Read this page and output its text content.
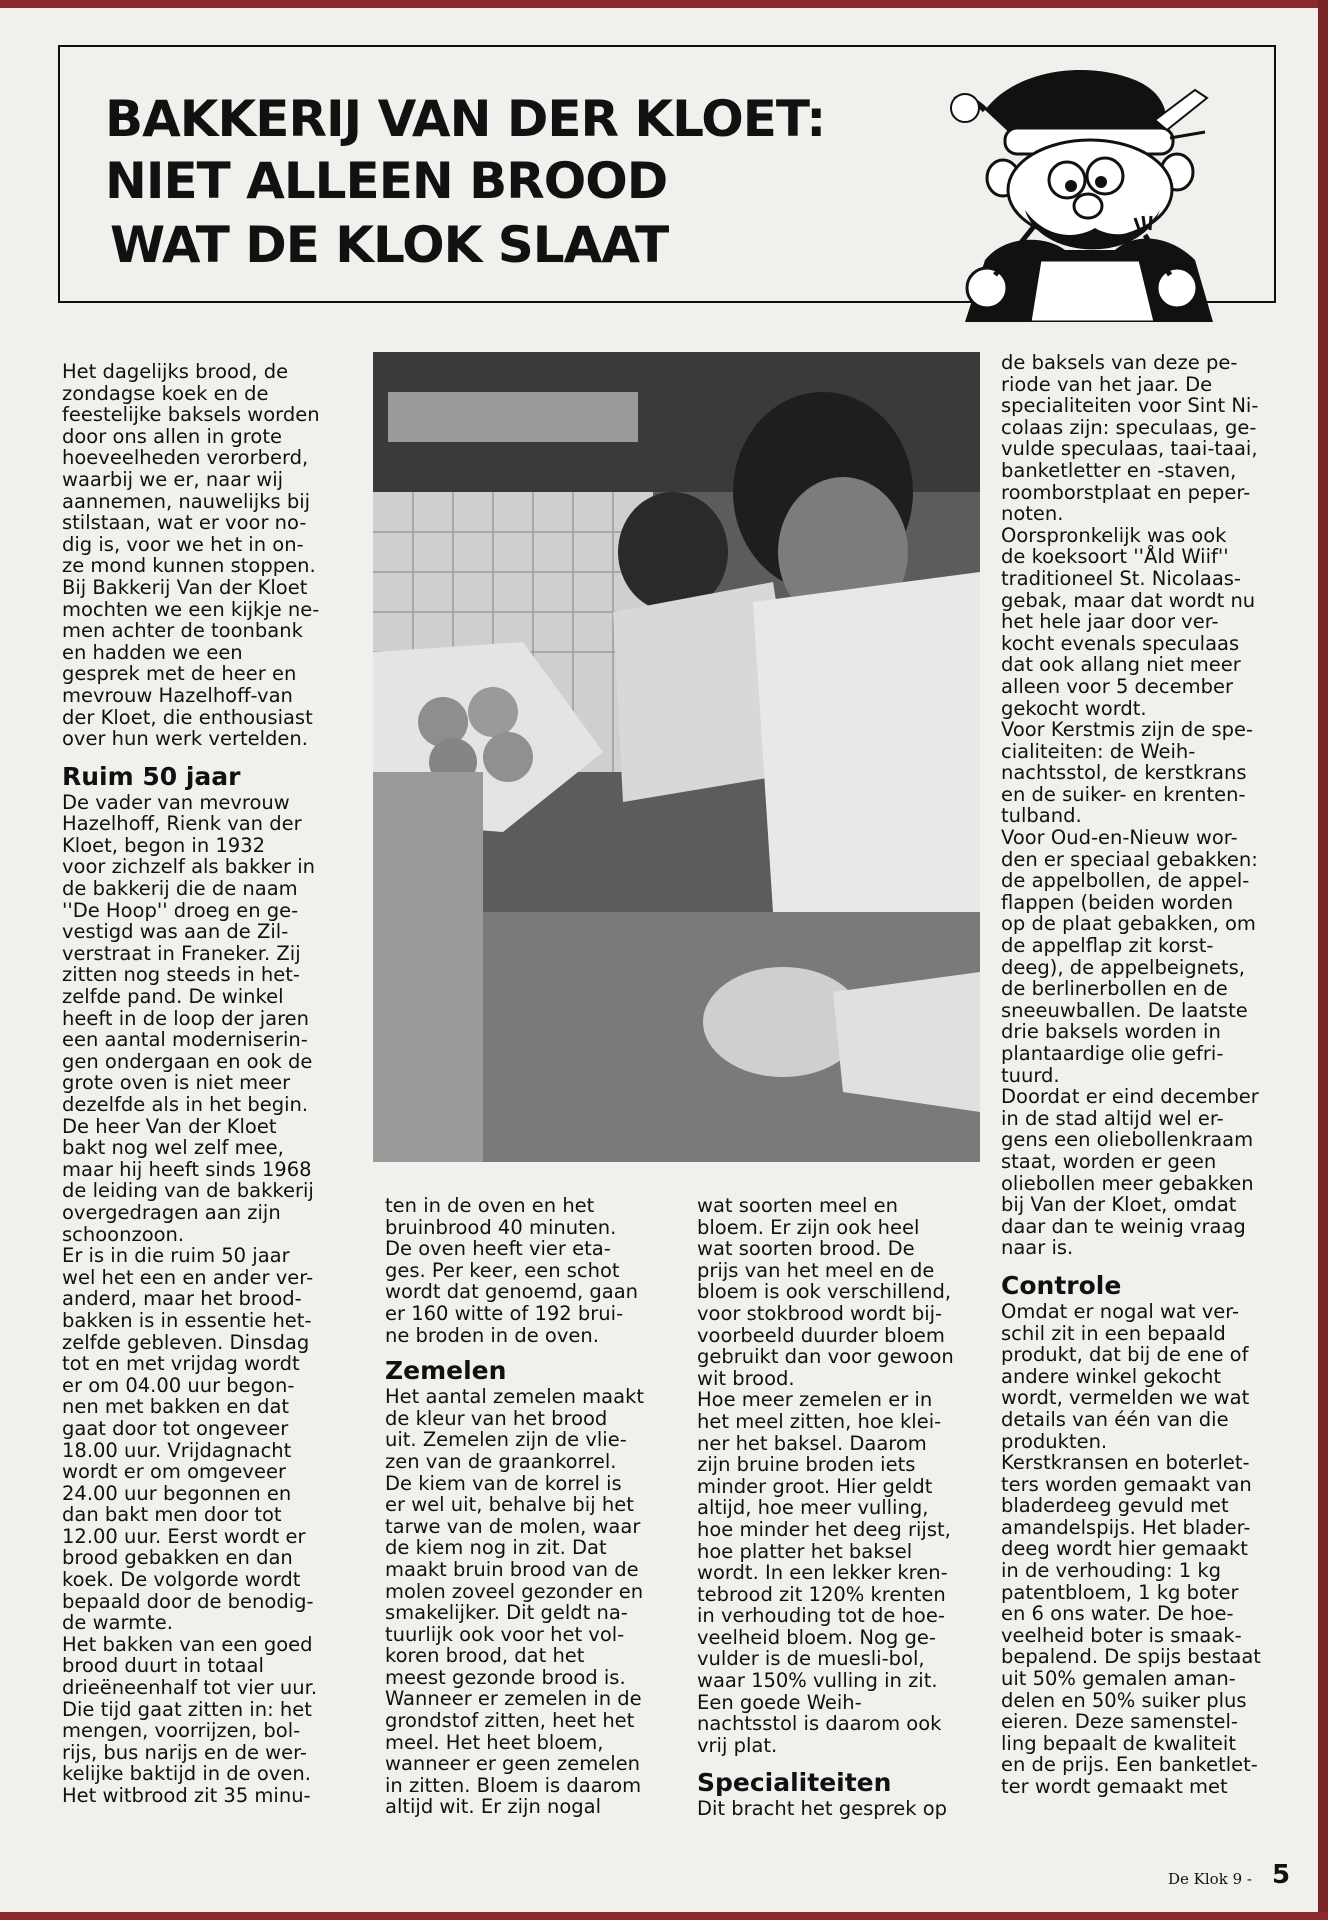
BAKKERIJ VAN DER KLOET:
NIET ALLEEN BROOD
WAT DE KLOK SLAAT

Het dagelijks brood, de
zondagse koek en de
feestelijke baksels worden
door ons allen in grote
hoeveelheden verorberd,
waarbij we er, naar wij
aannemen, nauwelijks bij
stilstaan, wat er voor no-
dig is, voor we het in on-
ze mond kunnen stoppen.
Bij Bakkerij Van der Kloet
mochten we een kijkje ne-
men achter de toonbank
en hadden we een
gesprek met de heer en
mevrouw Hazelhoff-van
der Kloet, die enthousiast
over hun werk vertelden.

Ruim 50 jaar

De vader van mevrouw
Hazelhoff, Rienk van der
Kloet, begon in 1932
voor zichzelf als bakker in
de bakkerij die de naam
''De Hoop'' droeg en ge-
vestigd was aan de Zil-
verstraat in Franeker. Zij
zitten nog steeds in het-
zelfde pand. De winkel
heeft in de loop der jaren
een aantal moderniserin-
gen ondergaan en ook de
grote oven is niet meer
dezelfde als in het begin.
De heer Van der Kloet
bakt nog wel zelf mee,
maar hij heeft sinds 1968
de leiding van de bakkerij
overgedragen aan zijn
schoonzoon.
Er is in die ruim 50 jaar
wel het een en ander ver-
anderd, maar het brood-
bakken is in essentie het-
zelfde gebleven. Dinsdag
tot en met vrijdag wordt
er om 04.00 uur begon-
nen met bakken en dat
gaat door tot ongeveer
18.00 uur. Vrijdagnacht
wordt er om omgeveer
24.00 uur begonnen en
dan bakt men door tot
12.00 uur. Eerst wordt er
brood gebakken en dan
koek. De volgorde wordt
bepaald door de benodig-
de warmte.
Het bakken van een goed
brood duurt in totaal
drieëneenhalf tot vier uur.
Die tijd gaat zitten in: het
mengen, voorrijzen, bol-
rijs, bus narijs en de wer-
kelijke baktijd in de oven.
Het witbrood zit 35 minu-

ten in de oven en het
bruinbrood 40 minuten.
De oven heeft vier eta-
ges. Per keer, een schot
wordt dat genoemd, gaan
er 160 witte of 192 brui-
ne broden in de oven.

Zemelen

Het aantal zemelen maakt
de kleur van het brood
uit. Zemelen zijn de vlie-
zen van de graankorrel.
De kiem van de korrel is
er wel uit, behalve bij het
tarwe van de molen, waar
de kiem nog in zit. Dat
maakt bruin brood van de
molen zoveel gezonder en
smakelijker. Dit geldt na-
tuurlijk ook voor het vol-
koren brood, dat het
meest gezonde brood is.
Wanneer er zemelen in de
grondstof zitten, heet het
meel. Het heet bloem,
wanneer er geen zemelen
in zitten. Bloem is daarom
altijd wit. Er zijn nogal

wat soorten meel en
bloem. Er zijn ook heel
wat soorten brood. De
prijs van het meel en de
bloem is ook verschillend,
voor stokbrood wordt bij-
voorbeeld duurder bloem
gebruikt dan voor gewoon
wit brood.
Hoe meer zemelen er in
het meel zitten, hoe klei-
ner het baksel. Daarom
zijn bruine broden iets
minder groot. Hier geldt
altijd, hoe meer vulling,
hoe minder het deeg rijst,
hoe platter het baksel
wordt. In een lekker kren-
tebrood zit 120% krenten
in verhouding tot de hoe-
veelheid bloem. Nog ge-
vulder is de muesli-bol,
waar 150% vulling in zit.
Een goede Weih-
nachtsstol is daarom ook
vrij plat.

Specialiteiten

Dit bracht het gesprek op

de baksels van deze pe-
riode van het jaar. De
specialiteiten voor Sint Ni-
colaas zijn: speculaas, ge-
vulde speculaas, taai-taai,
banketletter en -staven,
roomborstplaat en peper-
noten.
Oorspronkelijk was ook
de koeksoort ''Åld Wiif''
traditioneel St. Nicolaas-
gebak, maar dat wordt nu
het hele jaar door ver-
kocht evenals speculaas
dat ook allang niet meer
alleen voor 5 december
gekocht wordt.
Voor Kerstmis zijn de spe-
cialiteiten: de Weih-
nachtsstol, de kerstkrans
en de suiker- en krenten-
tulband.
Voor Oud-en-Nieuw wor-
den er speciaal gebakken:
de appelbollen, de appel-
flappen (beiden worden
op de plaat gebakken, om
de appelflap zit korst-
deeg), de appelbeignets,
de berlinerbollen en de
sneeuwballen. De laatste
drie baksels worden in
plantaardige olie gefri-
tuurd.
Doordat er eind december
in de stad altijd wel er-
gens een oliebollenkraam
staat, worden er geen
oliebollen meer gebakken
bij Van der Kloet, omdat
daar dan te weinig vraag
naar is.

Controle

Omdat er nogal wat ver-
schil zit in een bepaald
produkt, dat bij de ene of
andere winkel gekocht
wordt, vermelden we wat
details van één van die
produkten.
Kerstkransen en boterlet-
ters worden gemaakt van
bladerdeeg gevuld met
amandelspijs. Het blader-
deeg wordt hier gemaakt
in de verhouding: 1 kg
patentbloem, 1 kg boter
en 6 ons water. De hoe-
veelheid boter is smaak-
bepalend. De spijs bestaat
uit 50% gemalen aman-
delen en 50% suiker plus
eieren. Deze samenstel-
ling bepaalt de kwaliteit
en de prijs. Een banketlet-
ter wordt gemaakt met

De Klok 9 - 5
